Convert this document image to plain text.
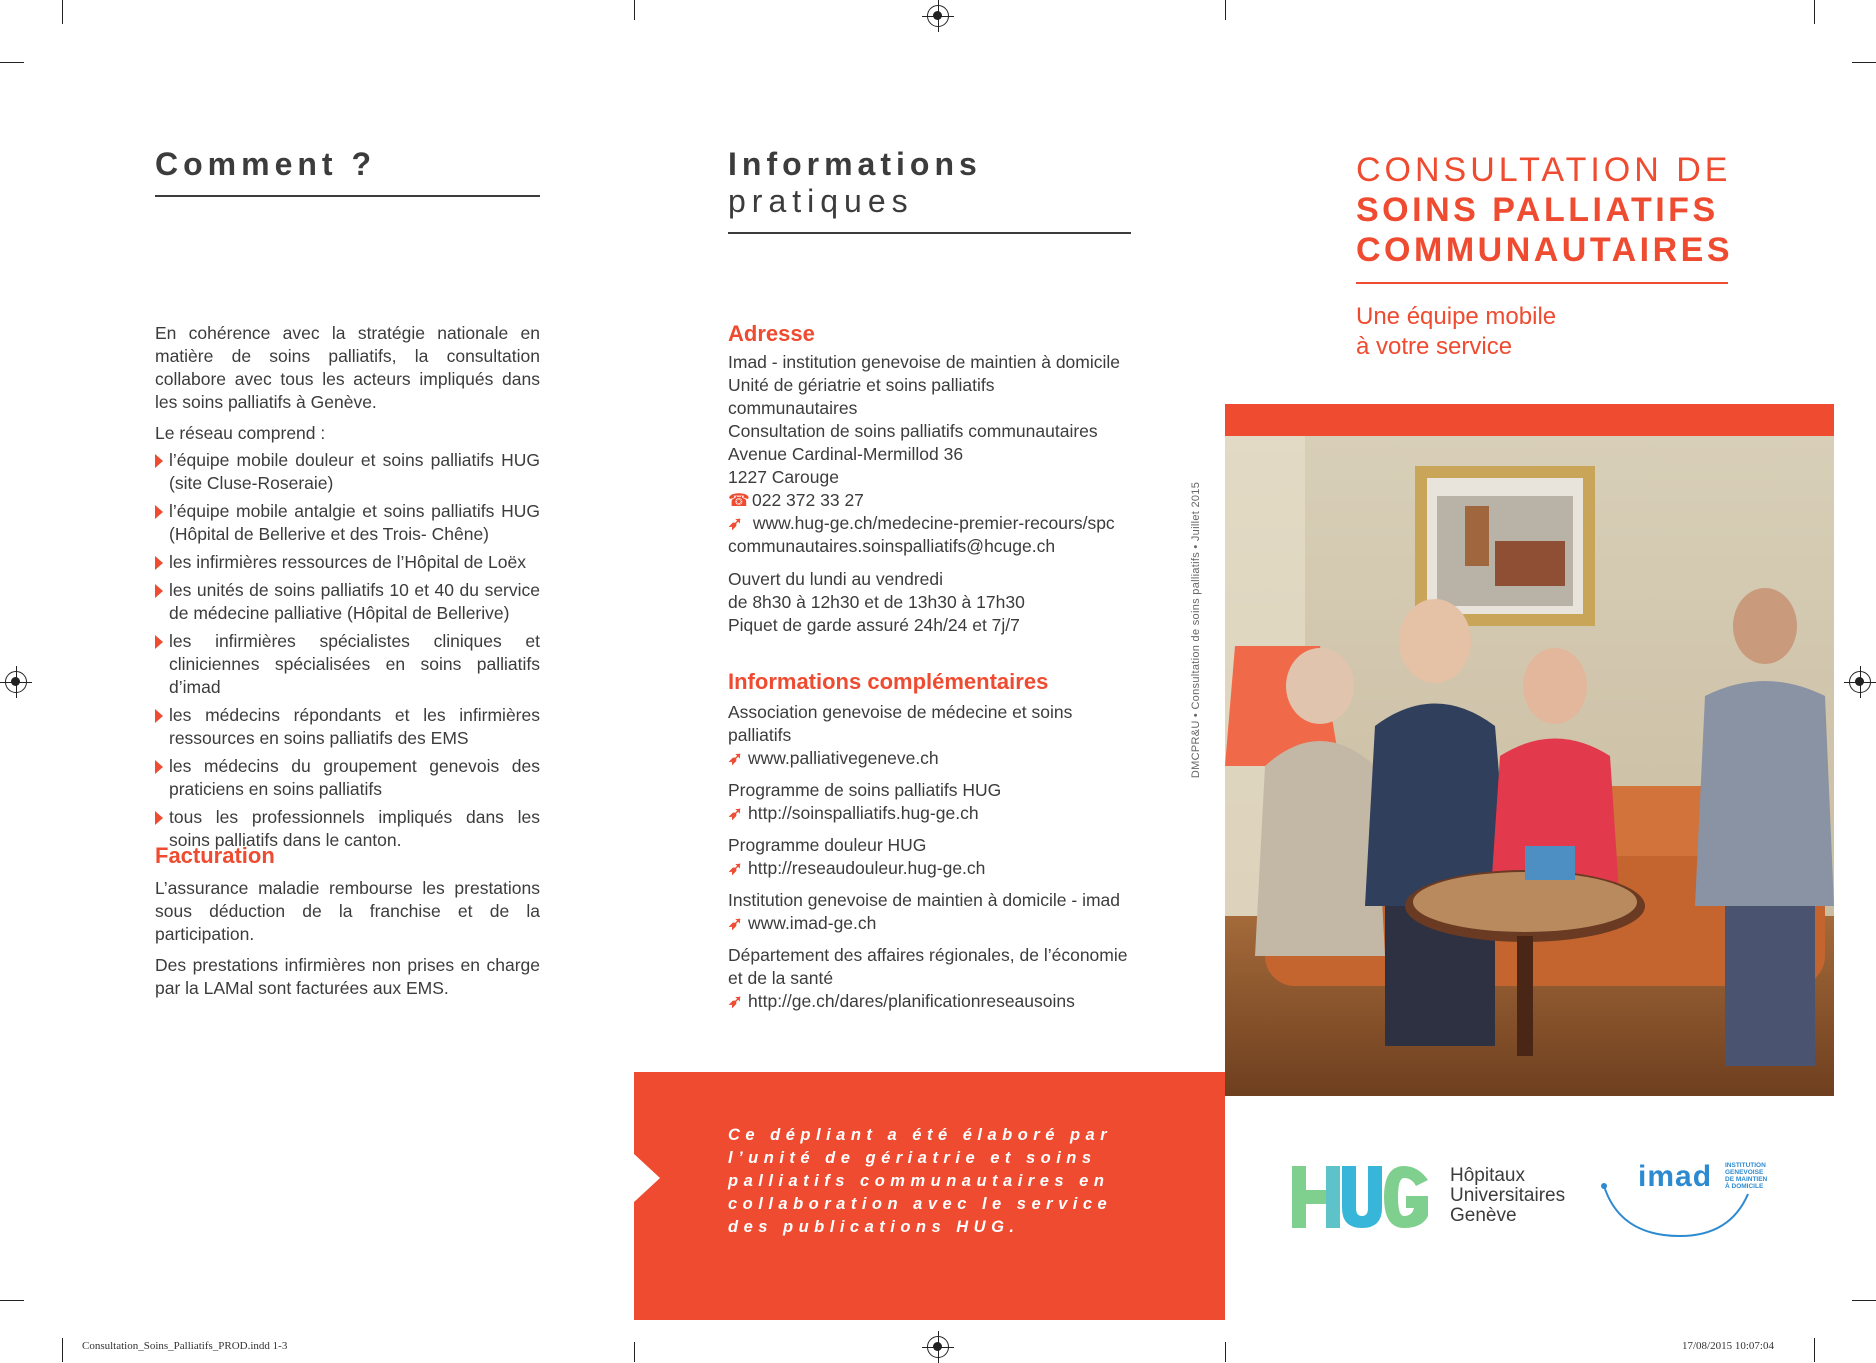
Comment ?

En cohérence avec la stratégie nationale en matière de soins palliatifs, la consultation collabore avec tous les acteurs impliqués dans les soins palliatifs à Genève.

Le réseau comprend :

l’équipe mobile douleur et soins palliatifs HUG (site Cluse-Roseraie)
l’équipe mobile antalgie et soins palliatifs HUG (Hôpital de Bellerive et des Trois- Chêne)
les infirmières ressources de l’Hôpital de Loëx
les unités de soins palliatifs 10 et 40 du service de médecine palliative (Hôpital de Bellerive)
les infirmières spécialistes cliniques et cliniciennes spécialisées en soins palliatifs d’imad
les médecins répondants et les infirmières ressources en soins palliatifs des EMS
les médecins du groupement genevois des praticiens en soins palliatifs
tous les professionnels impliqués dans les soins palliatifs dans le canton.
Facturation

L’assurance maladie rembourse les prestations sous déduction de la franchise et de la participation.

Des prestations infirmières non prises en charge par la LAMal sont facturées aux EMS.

Informations
pratiques
Adresse
Imad - institution genevoise de maintien à domicile
Unité de gériatrie et soins palliatifs
communautaires
Consultation de soins palliatifs communautaires
Avenue Cardinal-Mermillod 36
1227 Carouge
☎ 022 372 33 27
➶ www.hug-ge.ch/medecine-premier-recours/spc
communautaires.soinspalliatifs@hcuge.ch
Ouvert du lundi au vendredi
de 8h30 à 12h30 et de 13h30 à 17h30
Piquet de garde assuré 24h/24 et 7j/7
Informations complémentaires
Association genevoise de médecine et soins palliatifs
➶ www.palliativegeneve.ch
Programme de soins palliatifs HUG
➶ http://soinspalliatifs.hug-ge.ch
Programme douleur HUG
➶ http://reseaudouleur.hug-ge.ch
Institution genevoise de maintien à domicile - imad
➶ www.imad-ge.ch
Département des affaires régionales, de l’économie et de la santé
➶ http://ge.ch/dares/planificationreseausoins
Ce dépliant a été élaboré par l’unité de gériatrie et soins palliatifs communautaires en collaboration avec le service des publications HUG.
DMCPR&U • Consultation de soins palliatifs • Juillet 2015
CONSULTATION DE
SOINS PALLIATIFS
COMMUNAUTAIRES
Une équipe mobile
à votre service
Hôpitaux
Universitaires
Genève
imad INSTITUTION
GENEVOISE
DE MAINTIEN
À DOMICILE
Consultation_Soins_Palliatifs_PROD.indd 1-3	17/08/2015 10:07:04
